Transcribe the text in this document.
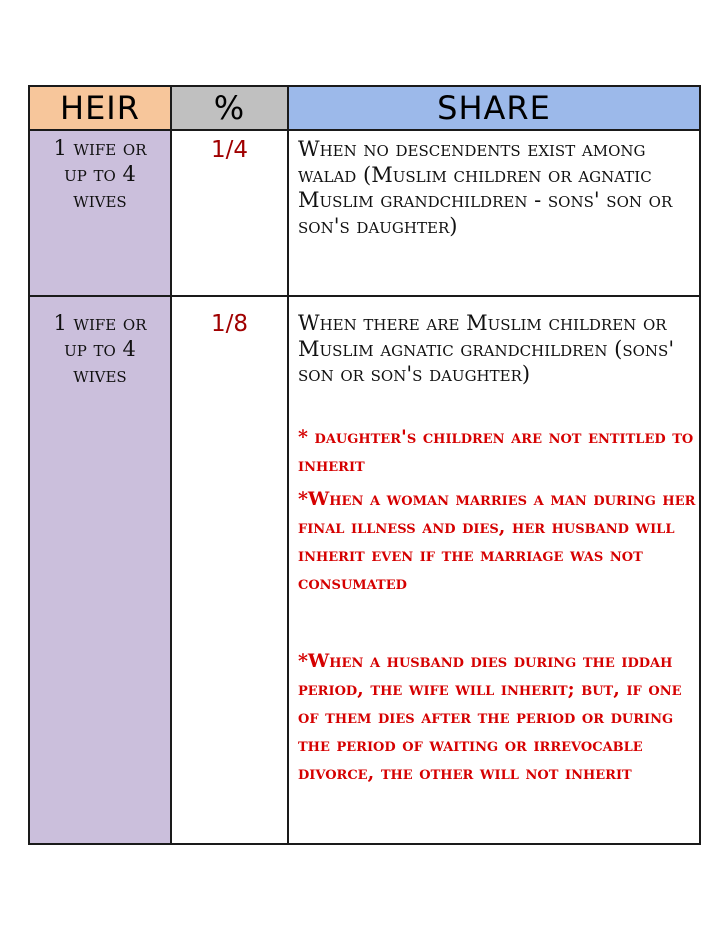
HEIR	%	SHARE
1 wife or
up to 4
wives
1/4	When no descendents exist among walad (Muslim children or agnatic Muslim grandchildren - sons' son or son's daughter)
1 wife or
up to 4
wives
1/8	When there are Muslim children or Muslim agnatic grandchildren (sons' son or son's daughter)
* daughter's children are not entitled to inherit
*When a woman marries a man during her final illness and dies, her husband will inherit even if the marriage was not consumated
*When a husband dies during the iddah period, the wife will inherit; but, if one of them dies after the period or during the period of waiting or irrevocable divorce, the other will not inherit
